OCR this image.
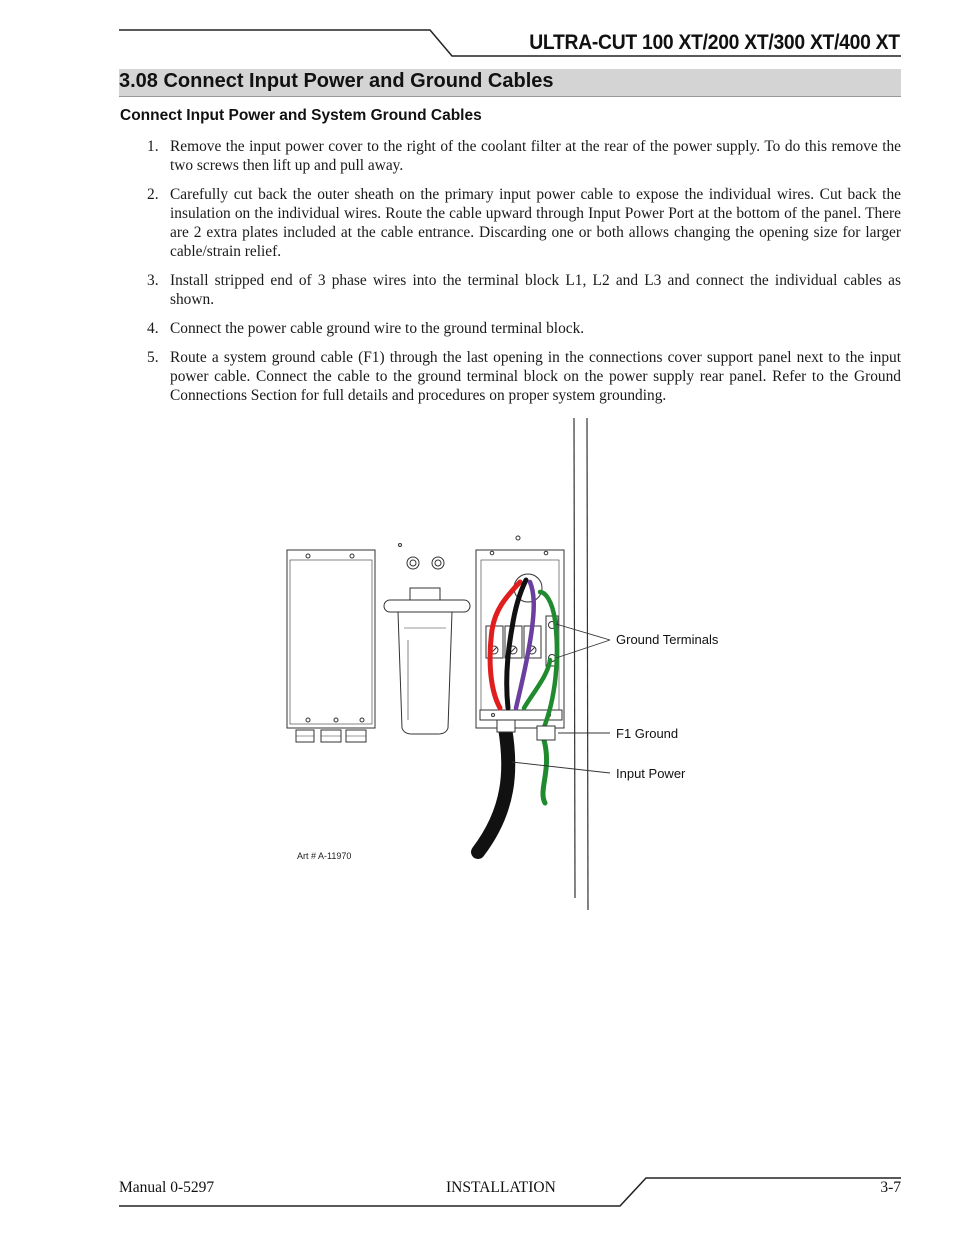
ULTRA-CUT 100 XT/200 XT/300 XT/400 XT
3.08 Connect Input Power and Ground Cables
Connect Input Power and System Ground Cables
1. Remove the input power cover to the right of the coolant filter at the rear of the power supply. To do this remove the two screws then lift up and pull away.
2. Carefully cut back the outer sheath on the primary input power cable to expose the individual wires. Cut back the insulation on the individual wires. Route the cable upward through Input Power Port at the bottom of the panel. There are 2 extra plates included at the cable entrance. Discarding one or both allows changing the opening size for larger cable/strain relief.
3. Install stripped end of 3 phase wires into the terminal block L1, L2 and L3 and connect the individual cables as shown.
4. Connect the power cable ground wire to the ground terminal block.
5. Route a system ground cable (F1) through the last opening in the connections cover support panel next to the input power cable. Connect the cable to the ground terminal block on the power supply rear panel. Refer to the Ground Connections Section for full details and procedures on proper system grounding.
Ground Terminals
F1 Ground
Input Power
Art # A-11970
Manual 0-5297	INSTALLATION	3-7
